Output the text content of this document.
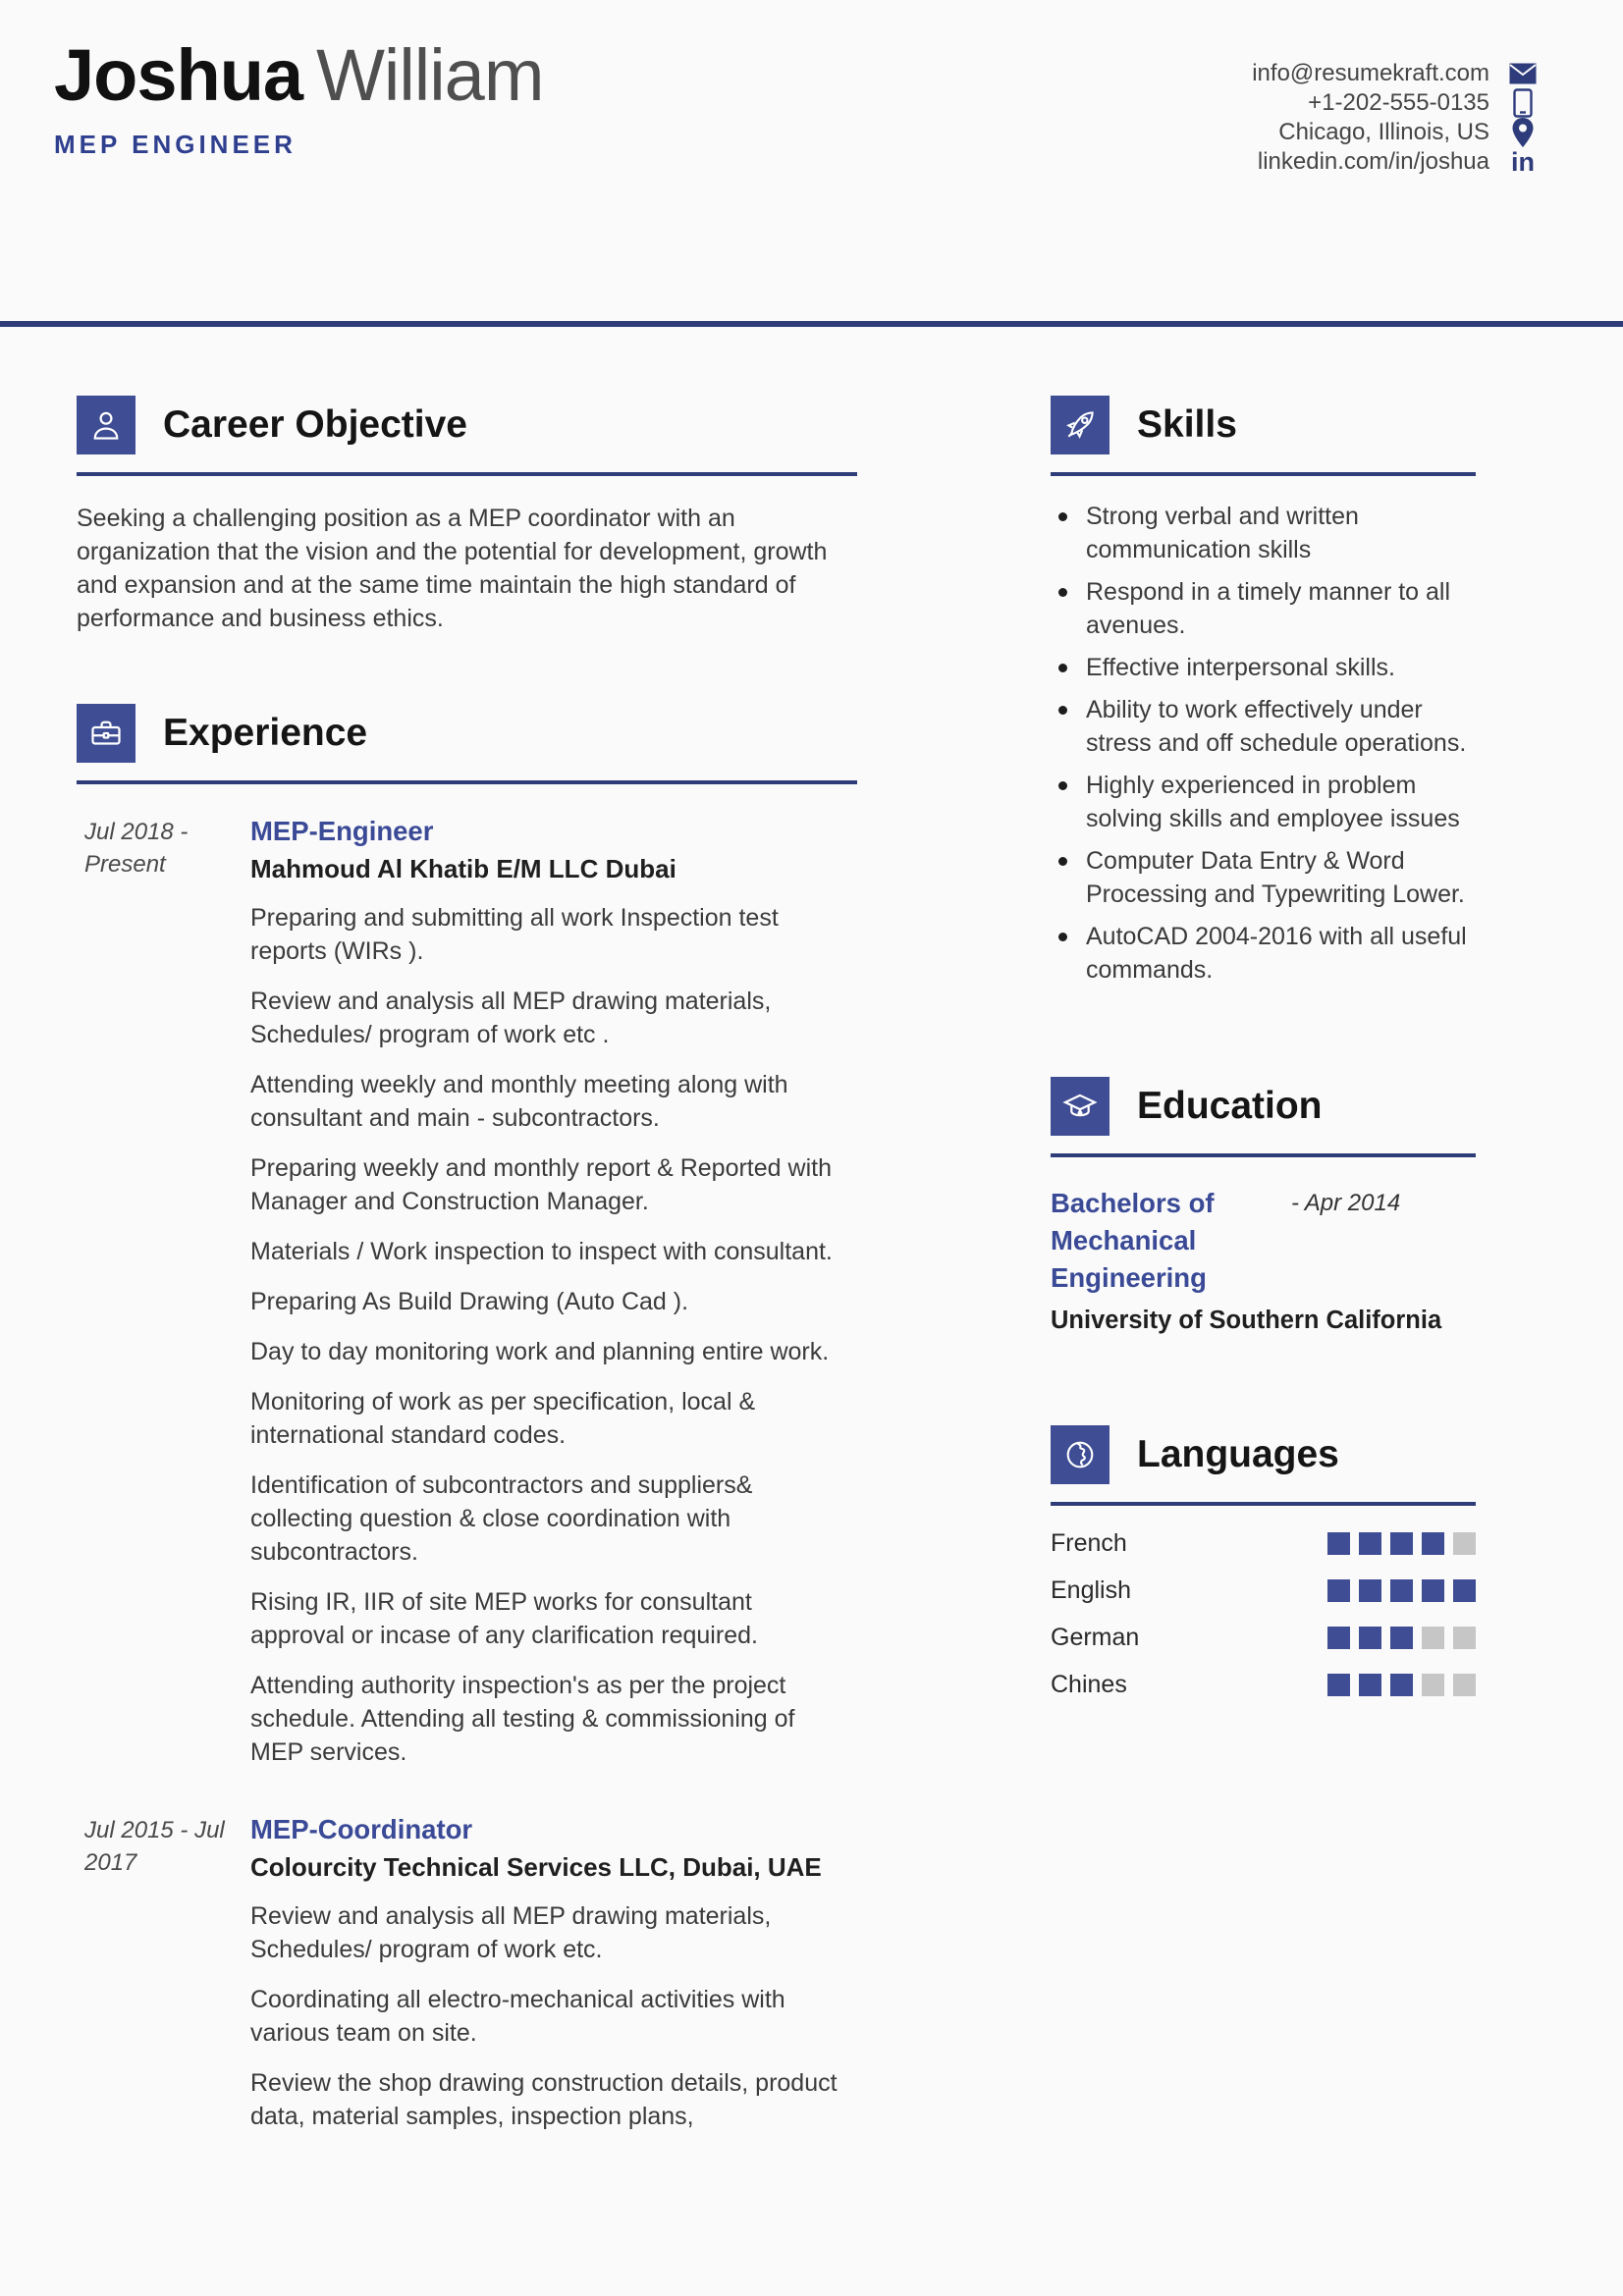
Joshua William
MEP ENGINEER
info@resumekraft.com
+1-202-555-0135
Chicago, Illinois, US
linkedin.com/in/joshua in
Career Objective

Seeking a challenging position as a MEP coordinator with an organization that the vision and the potential for development, growth and expansion and at the same time maintain the high standard of performance and business ethics.

Experience
Jul 2018 - Present
MEP-Engineer
Mahmoud Al Khatib E/M LLC Dubai

Preparing and submitting all work Inspection test reports (WIRs ).

Review and analysis all MEP drawing materials, Schedules/ program of work etc .

Attending weekly and monthly meeting along with consultant and main - subcontractors.

Preparing weekly and monthly report & Reported with Manager and Construction Manager.

Materials / Work inspection to inspect with consultant.

Preparing As Build Drawing (Auto Cad ).

Day to day monitoring work and planning entire work.

Monitoring of work as per specification, local & international standard codes.

Identification of subcontractors and suppliers& collecting question & close coordination with subcontractors.

Rising IR, IIR of site MEP works for consultant approval or incase of any clarification required.

Attending authority inspection's as per the project schedule. Attending all testing & commissioning of MEP services.

Jul 2015 - Jul 2017
MEP-Coordinator
Colourcity Technical Services LLC, Dubai, UAE

Review and analysis all MEP drawing materials, Schedules/ program of work etc.

Coordinating all electro-mechanical activities with various team on site.

Review the shop drawing construction details, product data, material samples, inspection plans,

Skills
Strong verbal and written communication skills
Respond in a timely manner to all avenues.
Effective interpersonal skills.
Ability to work effectively under stress and off schedule operations.
Highly experienced in problem solving skills and employee issues
Computer Data Entry & Word Processing and Typewriting Lower.
AutoCAD 2004-2016 with all useful commands.
Education
Bachelors of Mechanical Engineering
- Apr 2014
University of Southern California
Languages
French
English
German
Chines
